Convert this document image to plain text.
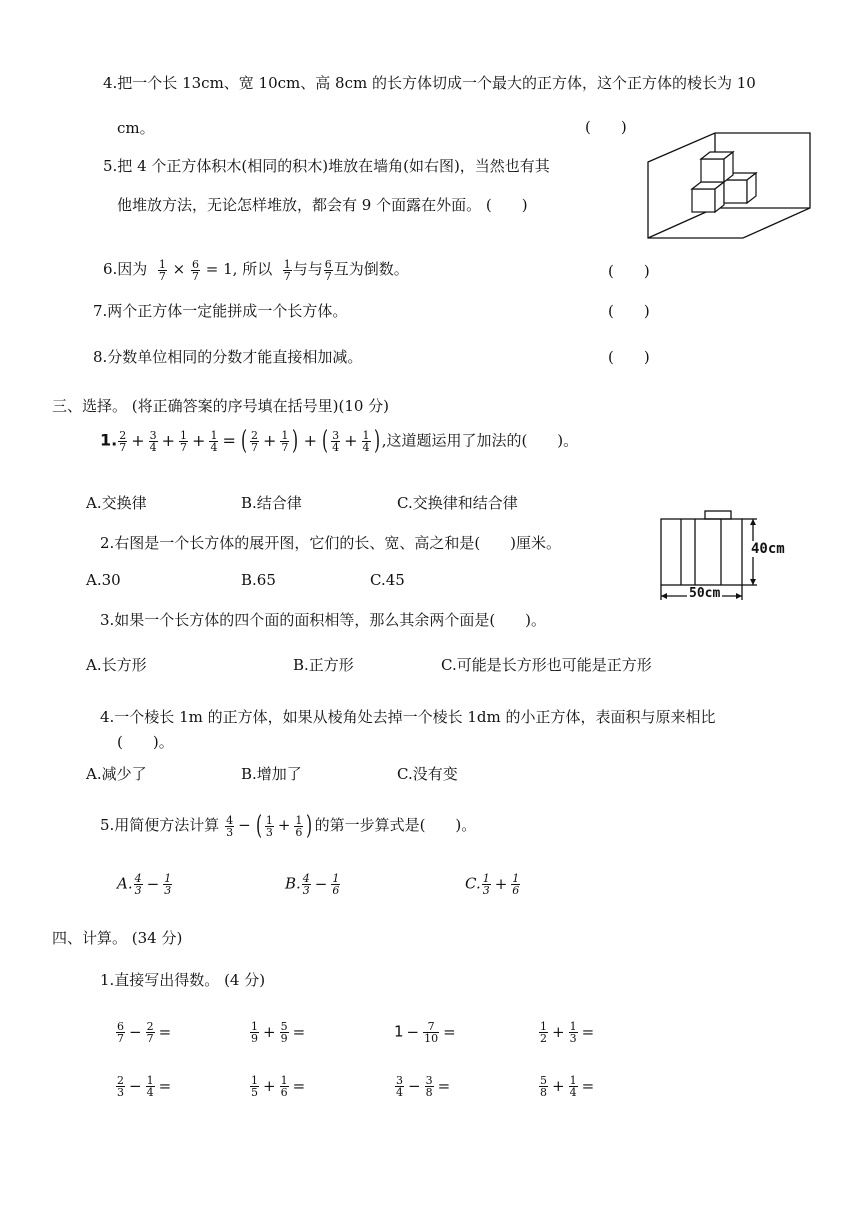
4.把一个长 13cm、宽 10cm、高 8cm 的长方体切成一个最大的正方体，这个正方体的棱长为 10
cm。	(　　)
5.把 4 个正方体积木(相同的积木)堆放在墙角(如右图)，当然也有其
他堆放方法，无论怎样堆放，都会有 9 个面露在外面。 (　　)
6.因为 $\frac{1}{7} \times \frac{6}{7} = 1$, 所以 $\frac{1}{7}$ 与与 $\frac{6}{7}$ 互为倒数。	(　　)
7.两个正方体一定能拼成一个长方体。	(　　)
8.分数单位相同的分数才能直接相加减。	(　　)
三、选择。 (将正确答案的序号填在括号里)(10 分)
1. $\frac{2}{7} + \frac{3}{4} + \frac{1}{7} + \frac{1}{4}$ = ( $\frac{2}{7} + \frac{1}{7}$ ) + ( $\frac{3}{4} + \frac{1}{4}$ ) ,这道题运用了加法的(　　)。
A.交换律	B.结合律	C.交换律和结合律
2.右图是一个长方体的展开图，它们的长、宽、高之和是(　　)厘米。	40cm
50cm
A.30	B.65	C.45
3.如果一个长方体的四个面的面积相等，那么其余两个面是(　　)。
A.长方形	B.正方形	C.可能是长方形也可能是正方形
4.一个棱长 1m 的正方体，如果从棱角处去掉一个棱长 1dm 的小正方体，表面积与原来相比
(　　)。
A.减少了	B.增加了	C.没有变
5.用简便方法计算 $\frac{4}{3}$ − ( $\frac{1}{3} + \frac{1}{6}$ ) 的第一步算式是(　　)。
A. $\frac{4}{3} - \frac{1}{3}$	B. $\frac{4}{3} - \frac{1}{6}$	C. $\frac{1}{3} + \frac{1}{6}$
四、计算。 (34 分)
1.直接写出得数。 (4 分)
$\frac{6}{7} - \frac{2}{7}$ =	$\frac{1}{9} + \frac{5}{9}$ =	$1 - \frac{7}{10}$ =	$\frac{1}{2} + \frac{1}{3}$ =
$\frac{2}{3} - \frac{1}{4}$ =	$\frac{1}{5} + \frac{1}{6}$ =	$\frac{3}{4} - \frac{3}{8}$ =	$\frac{5}{8} + \frac{1}{4}$ =
